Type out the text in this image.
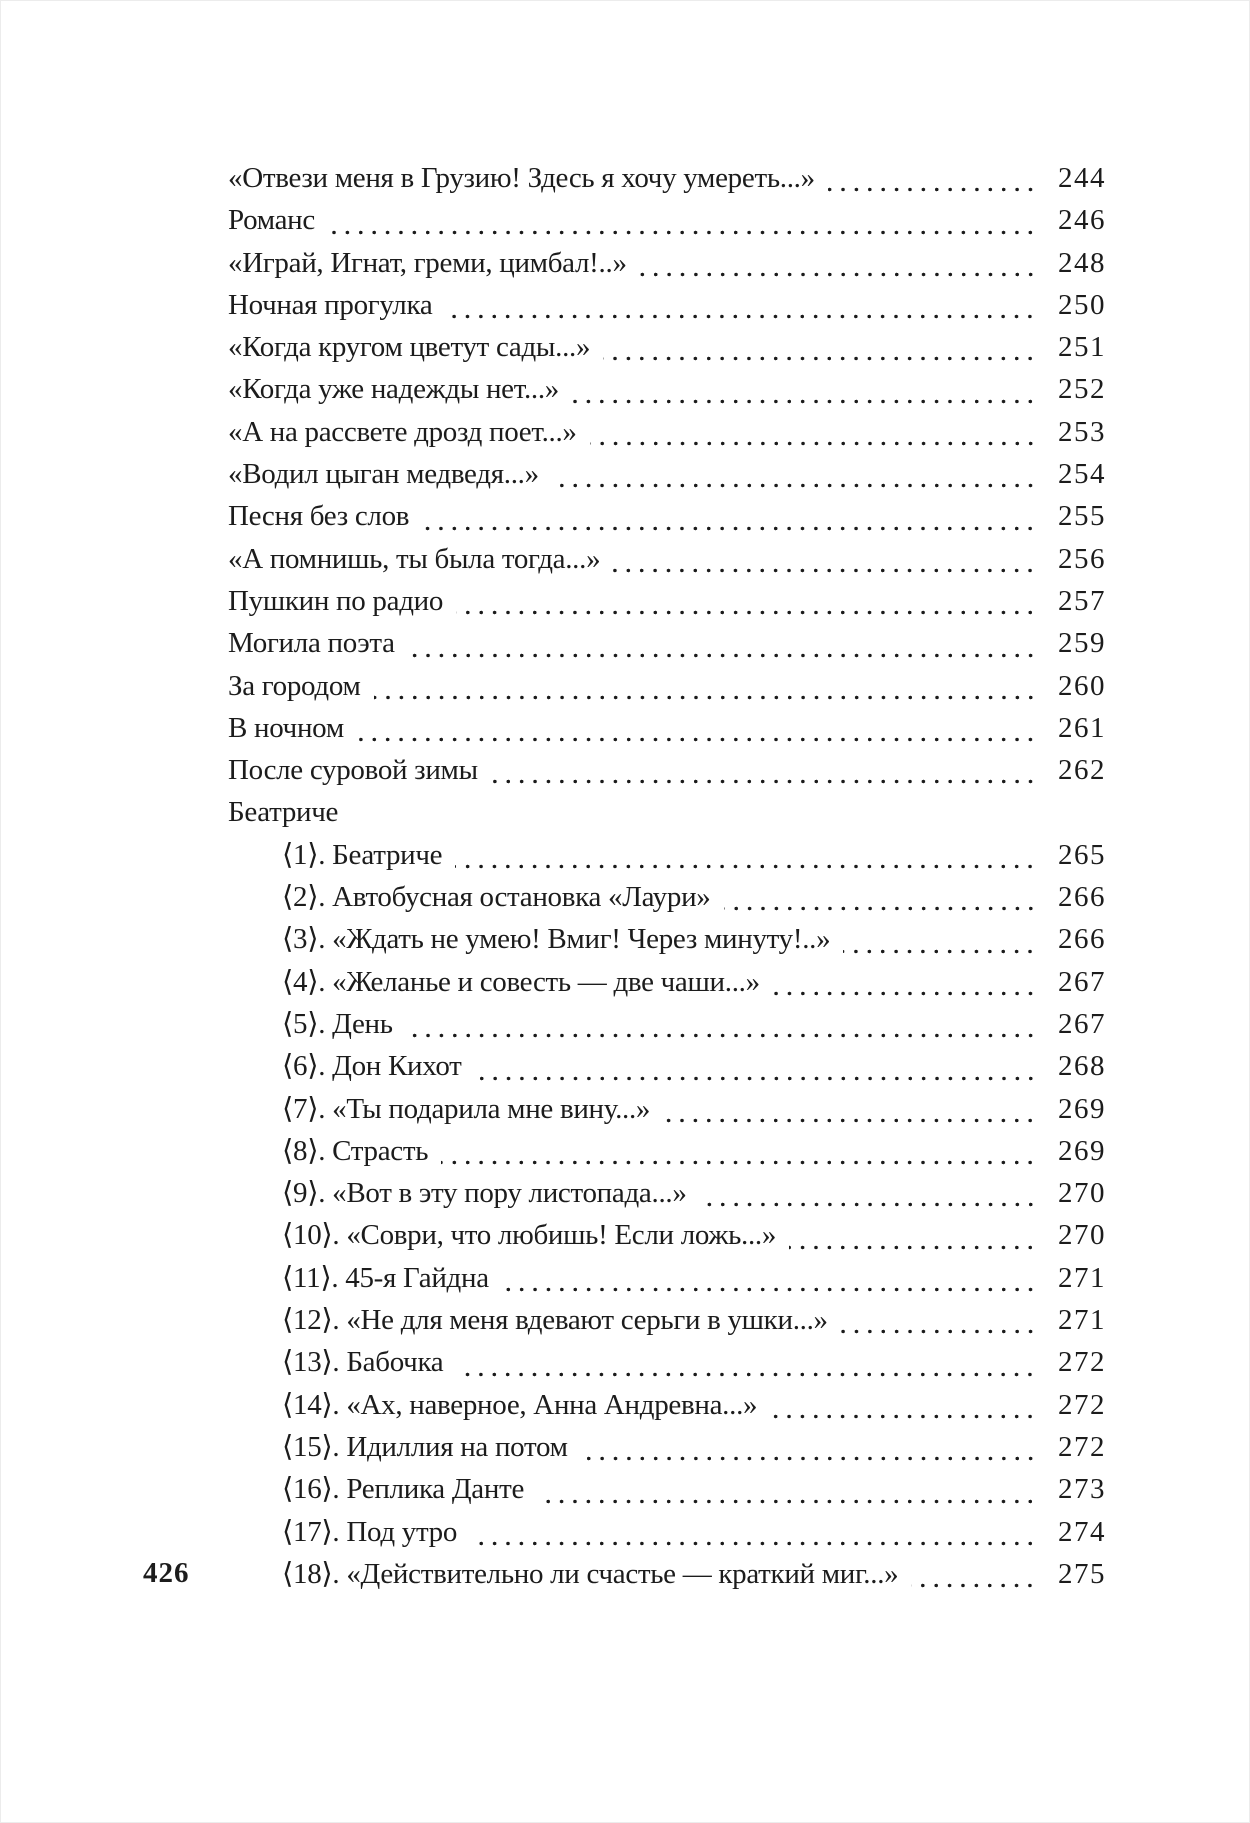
426
«Отвези меня в Грузию! Здесь я хочу умереть...»	244
Романс	246
«Играй, Игнат, греми, цимбал!..»	248
Ночная прогулка	250
«Когда кругом цветут сады...»	251
«Когда уже надежды нет...»	252
«А на рассвете дрозд поет...»	253
«Водил цыган медведя...»	254
Песня без слов	255
«А помнишь, ты была тогда...»	256
Пушкин по радио	257
Могила поэта	259
За городом	260
В ночном	261
После суровой зимы	262
Беатриче
⟨1⟩. Беатриче	265
⟨2⟩. Автобусная остановка «Лаури»	266
⟨3⟩. «Ждать не умею! Вмиг! Через минуту!..»	266
⟨4⟩. «Желанье и совесть — две чаши...»	267
⟨5⟩. День	267
⟨6⟩. Дон Кихот	268
⟨7⟩. «Ты подарила мне вину...»	269
⟨8⟩. Страсть	269
⟨9⟩. «Вот в эту пору листопада...»	270
⟨10⟩. «Соври, что любишь! Если ложь...»	270
⟨11⟩. 45-я Гайдна	271
⟨12⟩. «Не для меня вдевают серьги в ушки...»	271
⟨13⟩. Бабочка	272
⟨14⟩. «Ах, наверное, Анна Андревна...»	272
⟨15⟩. Идиллия на потом	272
⟨16⟩. Реплика Данте	273
⟨17⟩. Под утро	274
⟨18⟩. «Действительно ли счастье — краткий миг...»	275
